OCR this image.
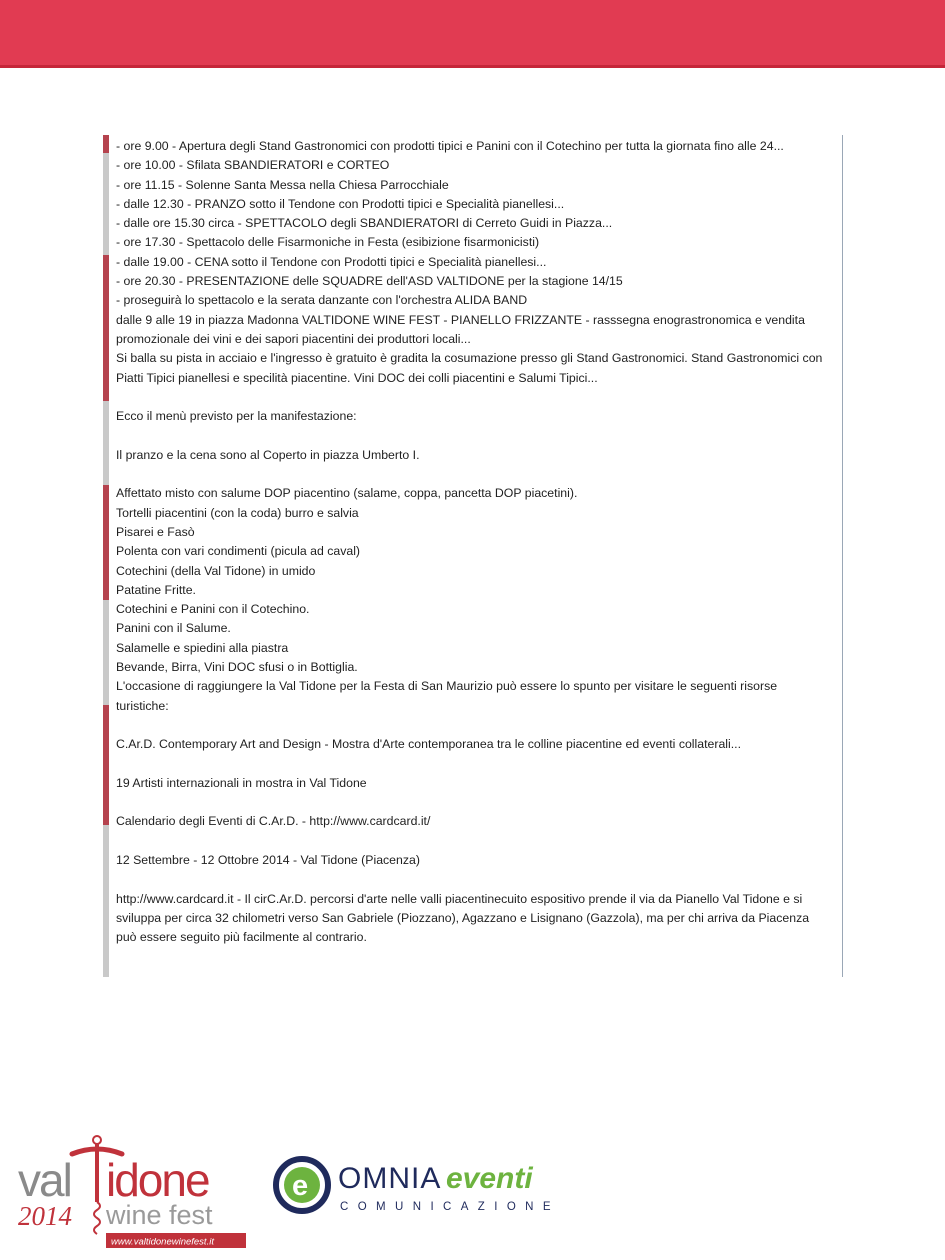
- ore 9.00 - Apertura degli Stand Gastronomici con prodotti tipici e Panini con il Cotechino per tutta la giornata fino alle 24...

- ore 10.00 - Sfilata SBANDIERATORI e CORTEO

- ore 11.15 - Solenne Santa Messa nella Chiesa Parrocchiale

- dalle 12.30 - PRANZO sotto il Tendone con Prodotti tipici e Specialità pianellesi...

- dalle ore 15.30 circa - SPETTACOLO degli SBANDIERATORI di Cerreto Guidi in Piazza...

- ore 17.30 - Spettacolo delle Fisarmoniche in Festa (esibizione fisarmonicisti)

- dalle 19.00 - CENA sotto il Tendone con Prodotti tipici e Specialità pianellesi...

- ore 20.30 - PRESENTAZIONE delle SQUADRE dell'ASD VALTIDONE per la stagione 14/15

- proseguirà lo spettacolo e la serata danzante con l'orchestra ALIDA BAND

dalle 9 alle 19 in piazza Madonna VALTIDONE WINE FEST - PIANELLO FRIZZANTE - rasssegna enograstronomica e vendita promozionale dei vini e dei sapori piacentini dei produttori locali...

Si balla su pista in acciaio e l'ingresso è gratuito è gradita la cosumazione presso gli Stand Gastronomici. Stand Gastronomici con Piatti Tipici pianellesi e specilità piacentine. Vini DOC dei colli piacentini e Salumi Tipici...

Ecco il menù previsto per la manifestazione:

Il pranzo e la cena sono al Coperto in piazza Umberto I.

Affettato misto con salume DOP piacentino (salame, coppa, pancetta DOP piacetini).

Tortelli piacentini (con la coda) burro e salvia

Pisarei e Fasò

Polenta con vari condimenti (picula ad caval)

Cotechini (della Val Tidone) in umido

Patatine Fritte.

Cotechini e Panini con il Cotechino.

Panini con il Salume.

Salamelle e spiedini alla piastra

Bevande, Birra, Vini DOC sfusi o in Bottiglia.

L'occasione di raggiungere la Val Tidone per la Festa di San Maurizio può essere lo spunto per visitare le seguenti risorse turistiche:

C.Ar.D. Contemporary Art and Design - Mostra d'Arte contemporanea tra le colline piacentine ed eventi collaterali...

19 Artisti internazionali in mostra in Val Tidone

Calendario degli Eventi di C.Ar.D. - http://www.cardcard.it/

12 Settembre - 12 Ottobre 2014 - Val Tidone (Piacenza)

http://www.cardcard.it - Il cirC.Ar.D. percorsi d'arte nelle valli piacentinecuito espositivo prende il via da Pianello Val Tidone e si sviluppa per circa 32 chilometri verso San Gabriele (Piozzano), Agazzano e Lisignano (Gazzola), ma per chi arriva da Piacenza può essere seguito più facilmente al contrario.

val idone
2014 wine fest
www.valtidonewinefest.it
e OMNIA eventi
COMUNICAZIONE
